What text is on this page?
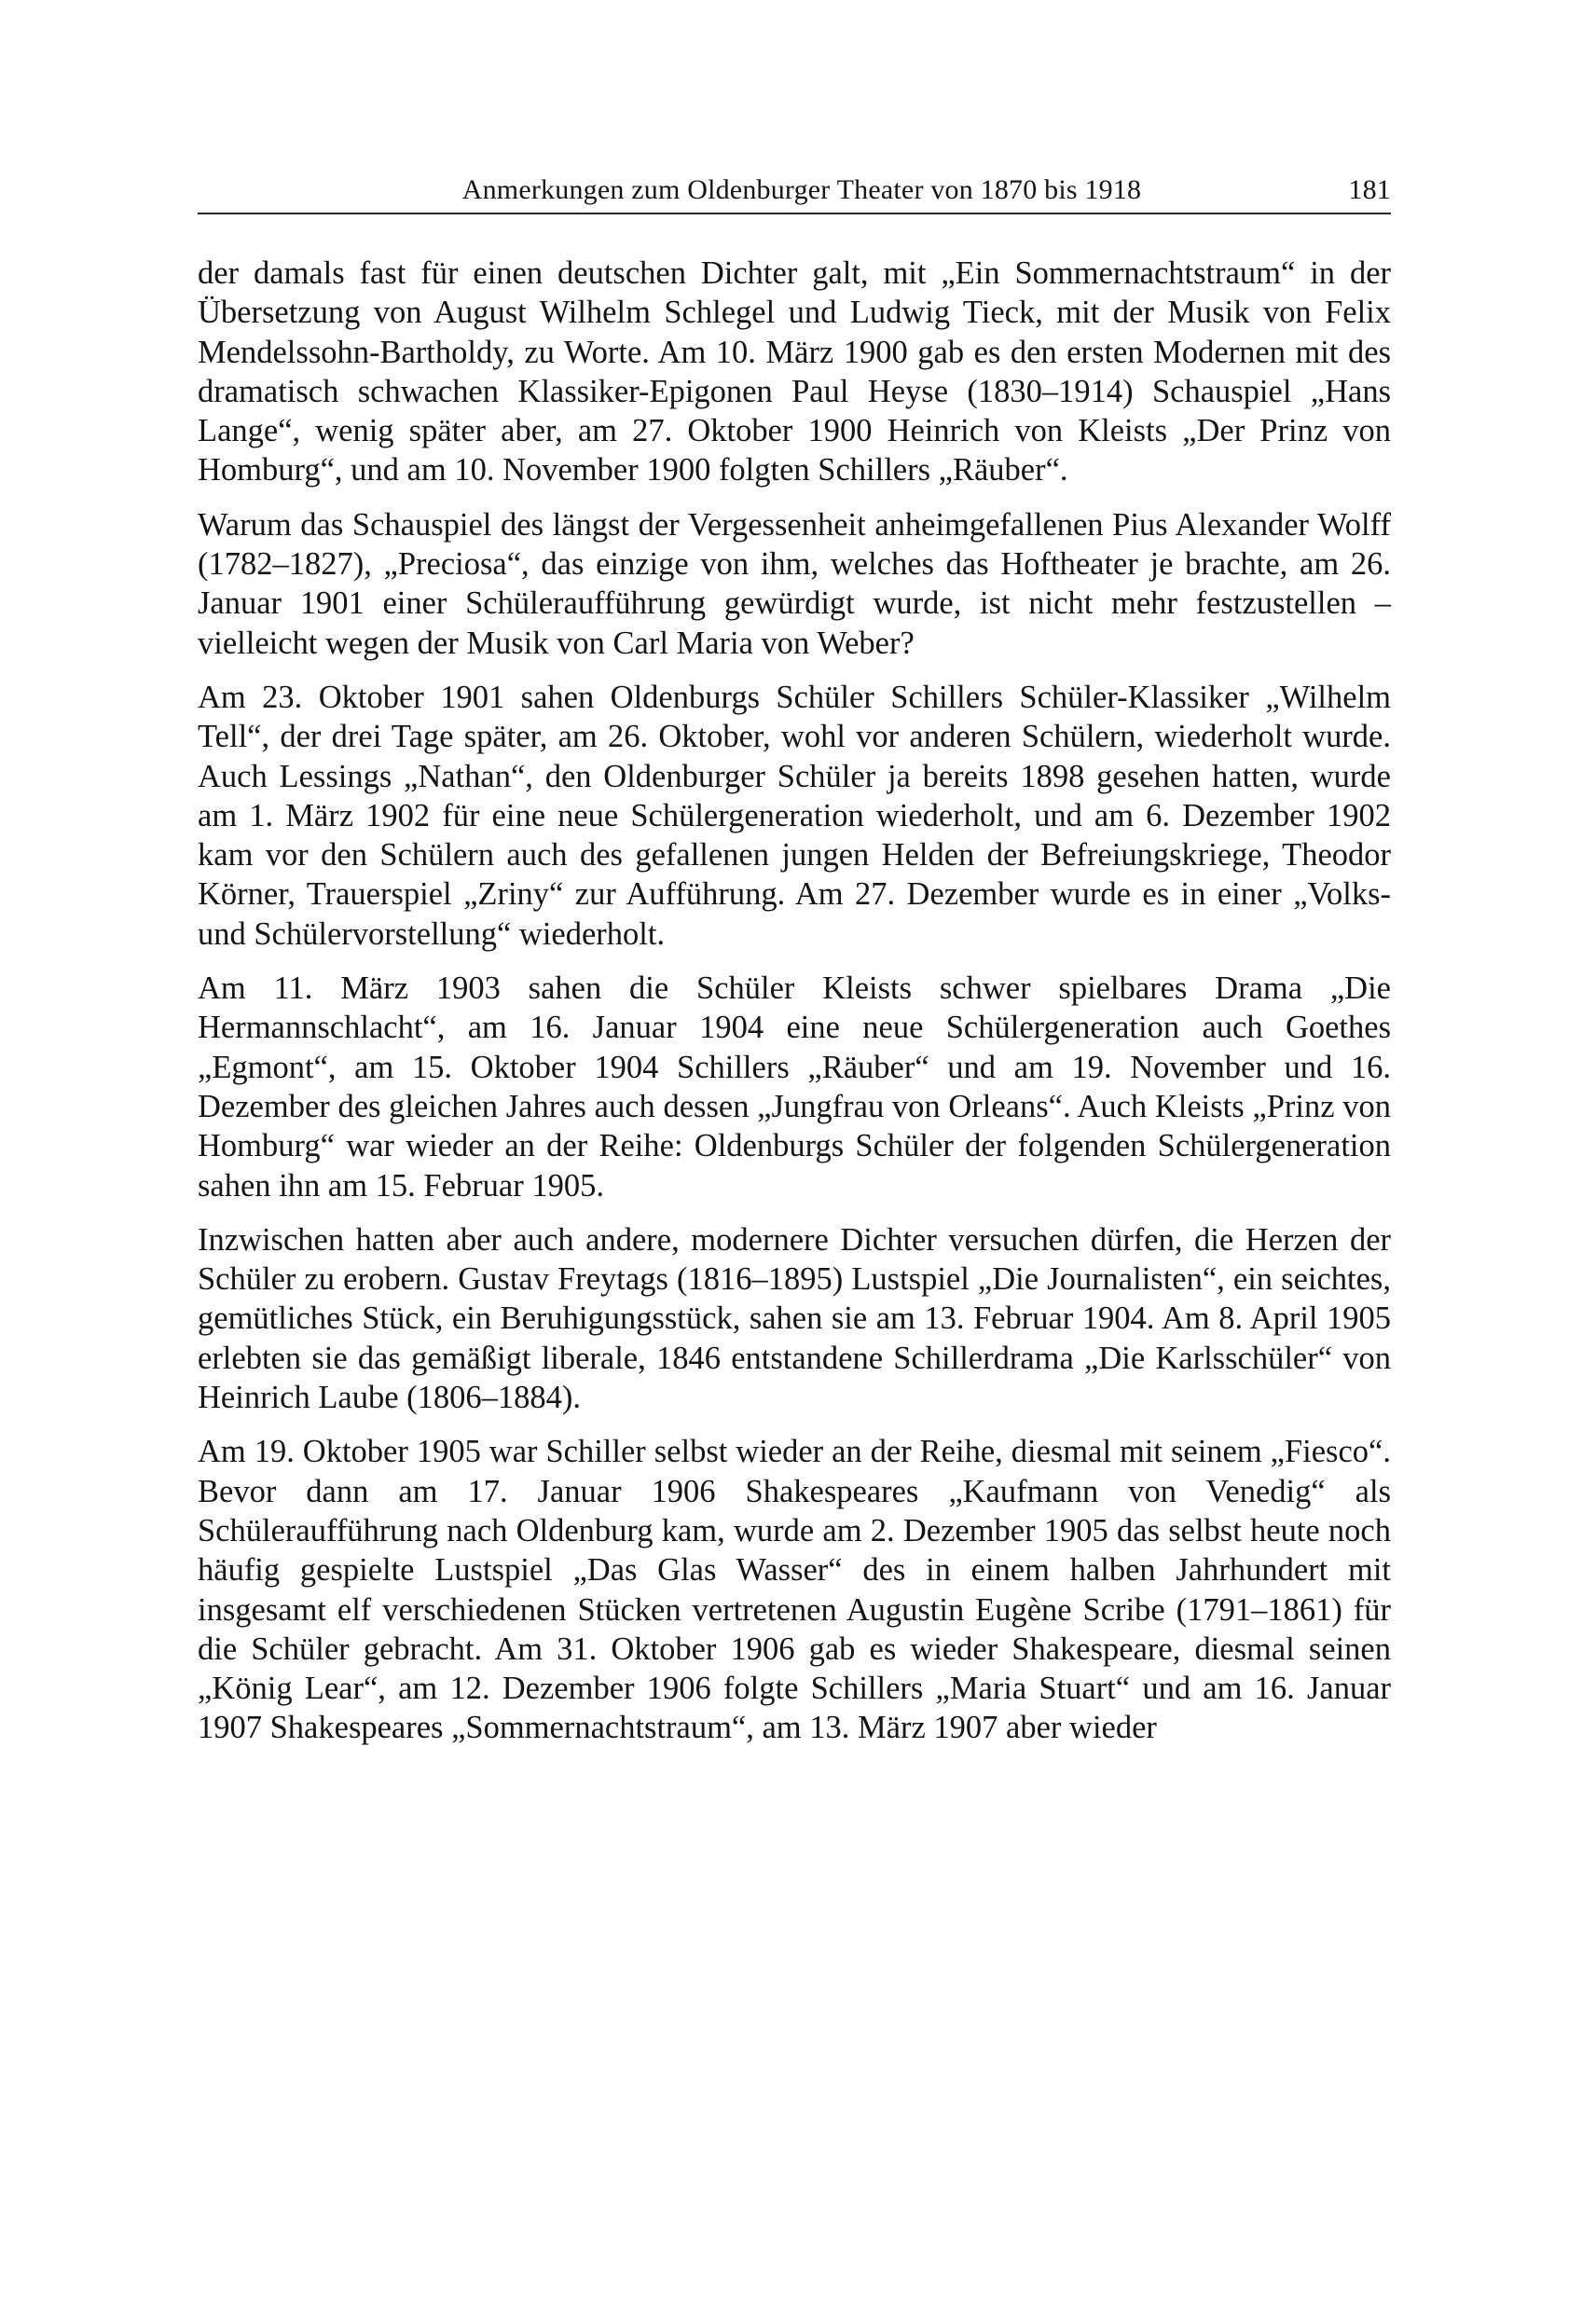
Anmerkungen zum Oldenburger Theater von 1870 bis 1918	181

der damals fast für einen deutschen Dichter galt, mit „Ein Sommernachtstraum“ in der Übersetzung von August Wilhelm Schlegel und Ludwig Tieck, mit der Musik von Felix Mendelssohn-Bartholdy, zu Worte. Am 10. März 1900 gab es den ersten Modernen mit des dramatisch schwachen Klassiker-Epigonen Paul Heyse (1830–1914) Schauspiel „Hans Lange“, wenig später aber, am 27. Oktober 1900 Heinrich von Kleists „Der Prinz von Homburg“, und am 10. November 1900 folgten Schillers „Räuber“.

Warum das Schauspiel des längst der Vergessenheit anheimgefallenen Pius Alexander Wolff (1782–1827), „Preciosa“, das einzige von ihm, welches das Hoftheater je brachte, am 26. Januar 1901 einer Schüleraufführung gewürdigt wurde, ist nicht mehr festzustellen – vielleicht wegen der Musik von Carl Maria von Weber?

Am 23. Oktober 1901 sahen Oldenburgs Schüler Schillers Schüler-Klassiker „Wilhelm Tell“, der drei Tage später, am 26. Oktober, wohl vor anderen Schülern, wiederholt wurde. Auch Lessings „Nathan“, den Oldenburger Schüler ja bereits 1898 gesehen hatten, wurde am 1. März 1902 für eine neue Schülergeneration wiederholt, und am 6. Dezember 1902 kam vor den Schülern auch des gefallenen jungen Helden der Befreiungskriege, Theodor Körner, Trauerspiel „Zriny“ zur Aufführung. Am 27. Dezember wurde es in einer „Volks- und Schülervorstellung“ wiederholt.

Am 11. März 1903 sahen die Schüler Kleists schwer spielbares Drama „Die Hermannschlacht“, am 16. Januar 1904 eine neue Schülergeneration auch Goethes „Egmont“, am 15. Oktober 1904 Schillers „Räuber“ und am 19. November und 16. Dezember des gleichen Jahres auch dessen „Jungfrau von Orleans“. Auch Kleists „Prinz von Homburg“ war wieder an der Reihe: Oldenburgs Schüler der folgenden Schülergeneration sahen ihn am 15. Februar 1905.

Inzwischen hatten aber auch andere, modernere Dichter versuchen dürfen, die Herzen der Schüler zu erobern. Gustav Freytags (1816–1895) Lustspiel „Die Journalisten“, ein seichtes, gemütliches Stück, ein Beruhigungsstück, sahen sie am 13. Februar 1904. Am 8. April 1905 erlebten sie das gemäßigt liberale, 1846 entstandene Schillerdrama „Die Karlsschüler“ von Heinrich Laube (1806–1884).

Am 19. Oktober 1905 war Schiller selbst wieder an der Reihe, diesmal mit seinem „Fiesco“. Bevor dann am 17. Januar 1906 Shakespeares „Kaufmann von Venedig“ als Schüleraufführung nach Oldenburg kam, wurde am 2. Dezember 1905 das selbst heute noch häufig gespielte Lustspiel „Das Glas Wasser“ des in einem halben Jahrhundert mit insgesamt elf verschiedenen Stücken vertretenen Augustin Eugène Scribe (1791–1861) für die Schüler gebracht. Am 31. Oktober 1906 gab es wieder Shakespeare, diesmal seinen „König Lear“, am 12. Dezember 1906 folgte Schillers „Maria Stuart“ und am 16. Januar 1907 Shakespeares „Sommernachtstraum“, am 13. März 1907 aber wieder
